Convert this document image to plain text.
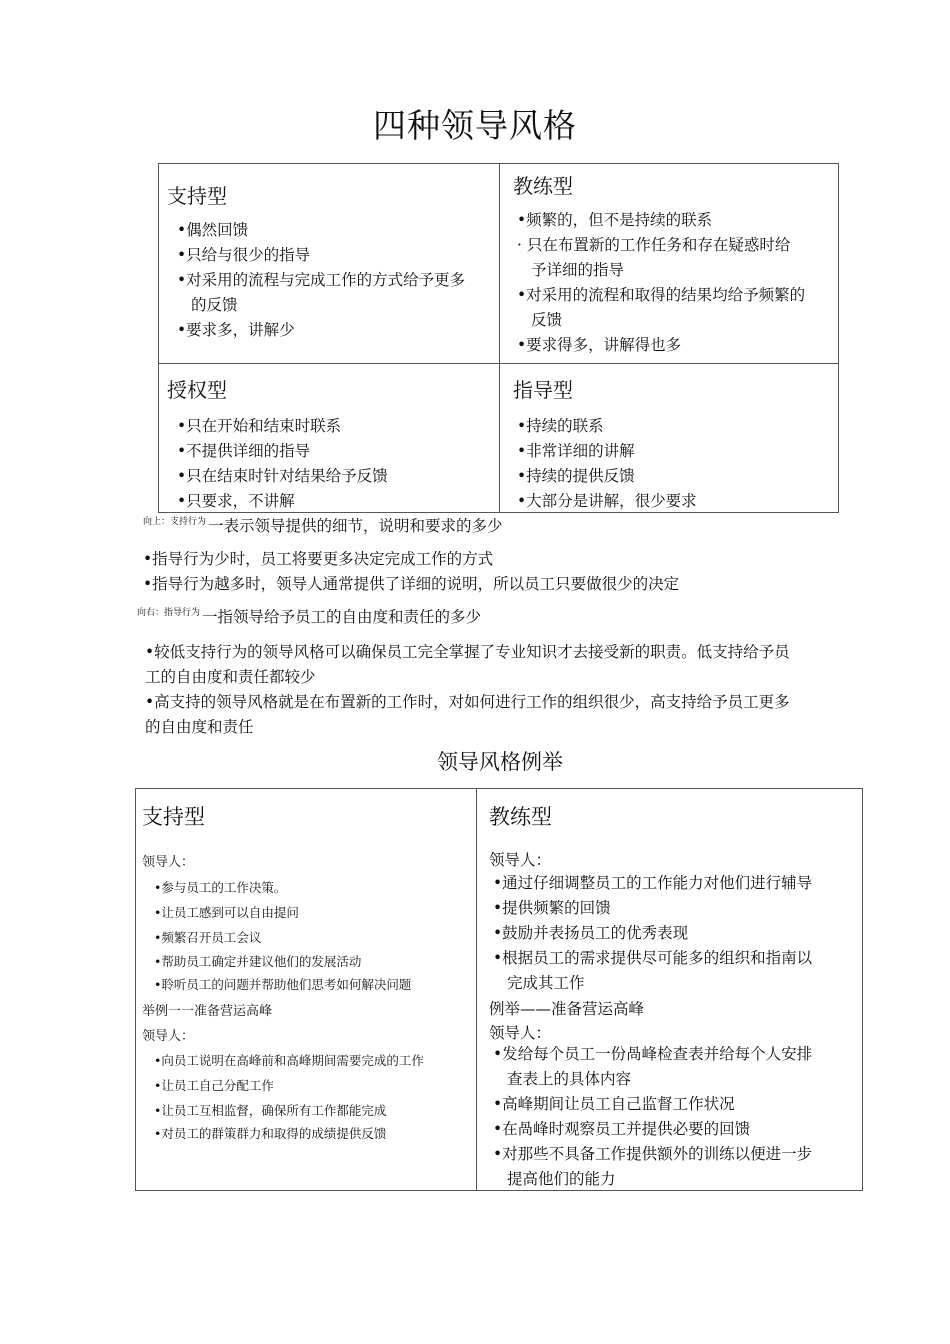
四种领导风格
支持型
•偶然回馈
•只给与很少的指导
•对采用的流程与完成工作的方式给予更多
的反馈
•要求多，讲解少
教练型
•频繁的，但不是持续的联系
· 只在布置新的工作任务和存在疑惑时给
予详细的指导
•对采用的流程和取得的结果均给予频繁的
反馈
•要求得多，讲解得也多
授权型
•只在开始和结束时联系
•不提供详细的指导
•只在结束时针对结果给予反馈
•只要求，不讲解
指导型
•持续的联系
•非常详细的讲解
•持续的提供反馈
•大部分是讲解，很少要求
$^{向上:支持行为}$ 一表示领导提供的细节，说明和要求的多少
•指导行为少时，员工将要更多决定完成工作的方式
•指导行为越多时，领导人通常提供了详细的说明，所以员工只要做很少的决定
$^{向右:指导行为}$ 一指领导给予员工的自由度和责任的多少
•较低支持行为的领导风格可以确保员工完全掌握了专业知识才去接受新的职责。低支持给予员
工的自由度和责任都较少
•高支持的领导风格就是在布置新的工作时，对如何进行工作的组织很少，高支持给予员工更多
的自由度和责任
领导风格例举
支持型
领导人：
•参与员工的工作决策。
•让员工感到可以自由提问
•频繁召开员工会议
•帮助员工确定并建议他们的发展活动
•聆听员工的问题并帮助他们思考如何解决问题
举例一一准备营运高峰
领导人：
•向员工说明在高峰前和高峰期间需要完成的工作
•让员工自己分配工作
•让员工互相监督，确保所有工作都能完成
•对员工的群策群力和取得的成绩提供反馈
教练型
领导人：
•通过仔细调整员工的工作能力对他们进行辅导
•提供频繁的回馈
•鼓励并表扬员工的优秀表现
•根据员工的需求提供尽可能多的组织和指南以
完成其工作
例举——准备营运高峰
领导人：
•发给每个员工一份咼峰检查表并给每个人安排
查表上的具体内容
•高峰期间让员工自己监督工作状况
•在咼峰时观察员工并提供必要的回馈
•对那些不具备工作提供额外的训练以便进一步
提高他们的能力
